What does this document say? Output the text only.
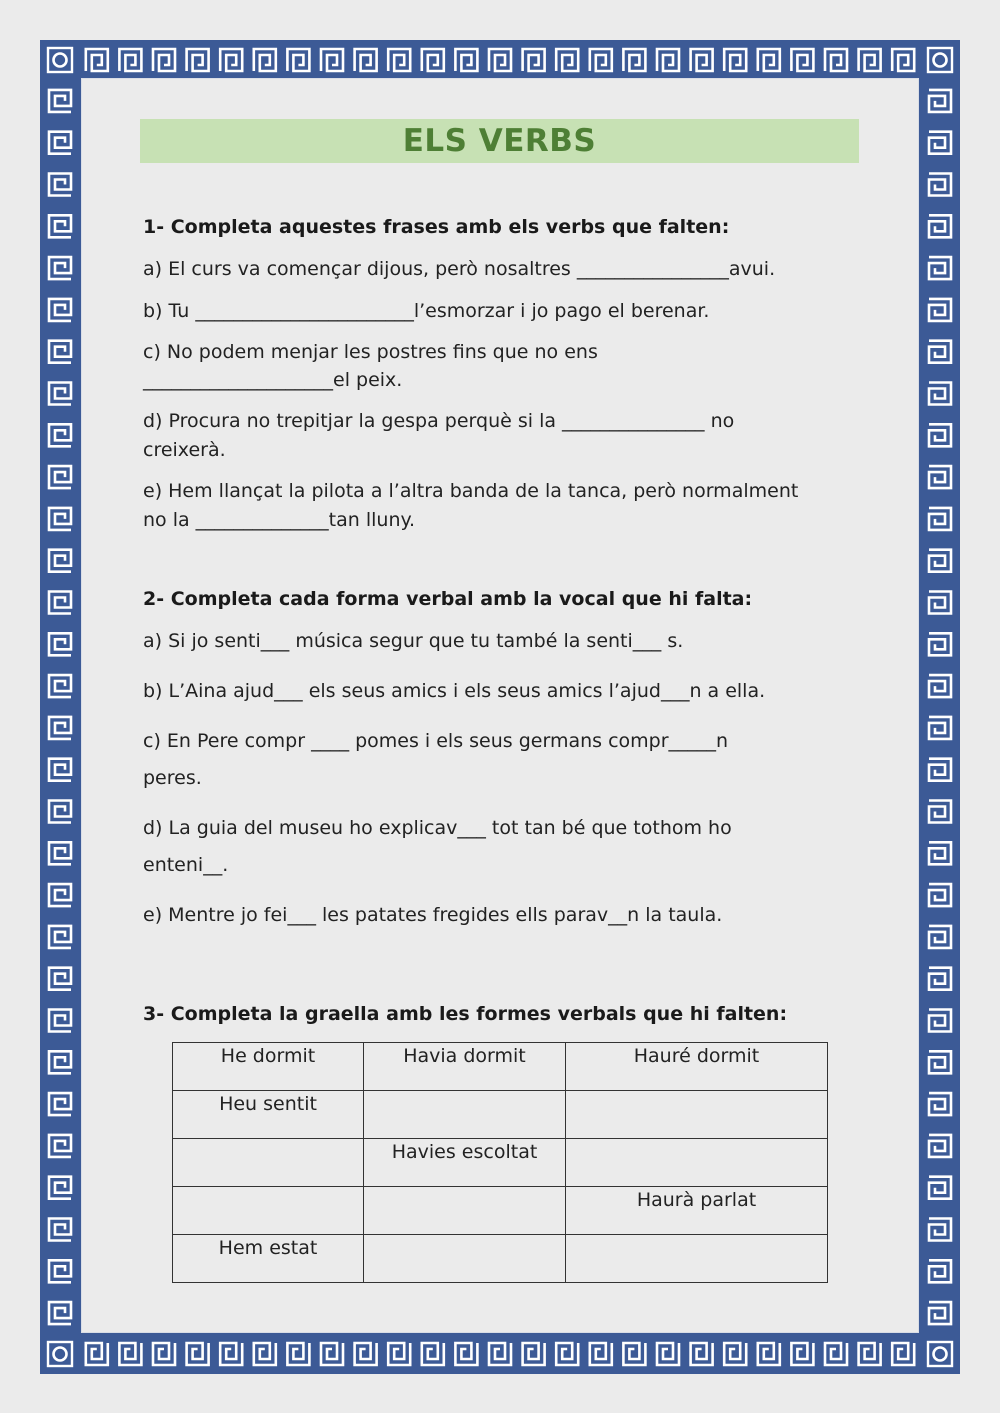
ELS VERBS
1- Completa aquestes frases amb els verbs que falten:
a) El curs va començar dijous, però nosaltres ________________avui.
b) Tu _______________________l’esmorzar i jo pago el berenar.
c) No podem menjar les postres fins que no ens
____________________el peix.
d) Procura no trepitjar la gespa perquè si la _______________ no
creixerà.
e) Hem llançat la pilota a l’altra banda de la tanca, però normalment
no la ______________tan lluny.
2- Completa cada forma verbal amb la vocal que hi falta:
a) Si jo senti___ música segur que tu també la senti___ s.
b) L’Aina ajud___ els seus amics i els seus amics l’ajud___n a ella.
c) En Pere compr ____ pomes i els seus germans compr_____n
peres.
d) La guia del museu ho explicav___ tot tan bé que tothom ho
enteni__.
e) Mentre jo fei___ les patates fregides ells parav__n la taula.
3- Completa la graella amb les formes verbals que hi falten:
He dormit	Havia dormit	Hauré dormit
Heu sentit		
	Havies escoltat	
		Haurà parlat
Hem estat		
